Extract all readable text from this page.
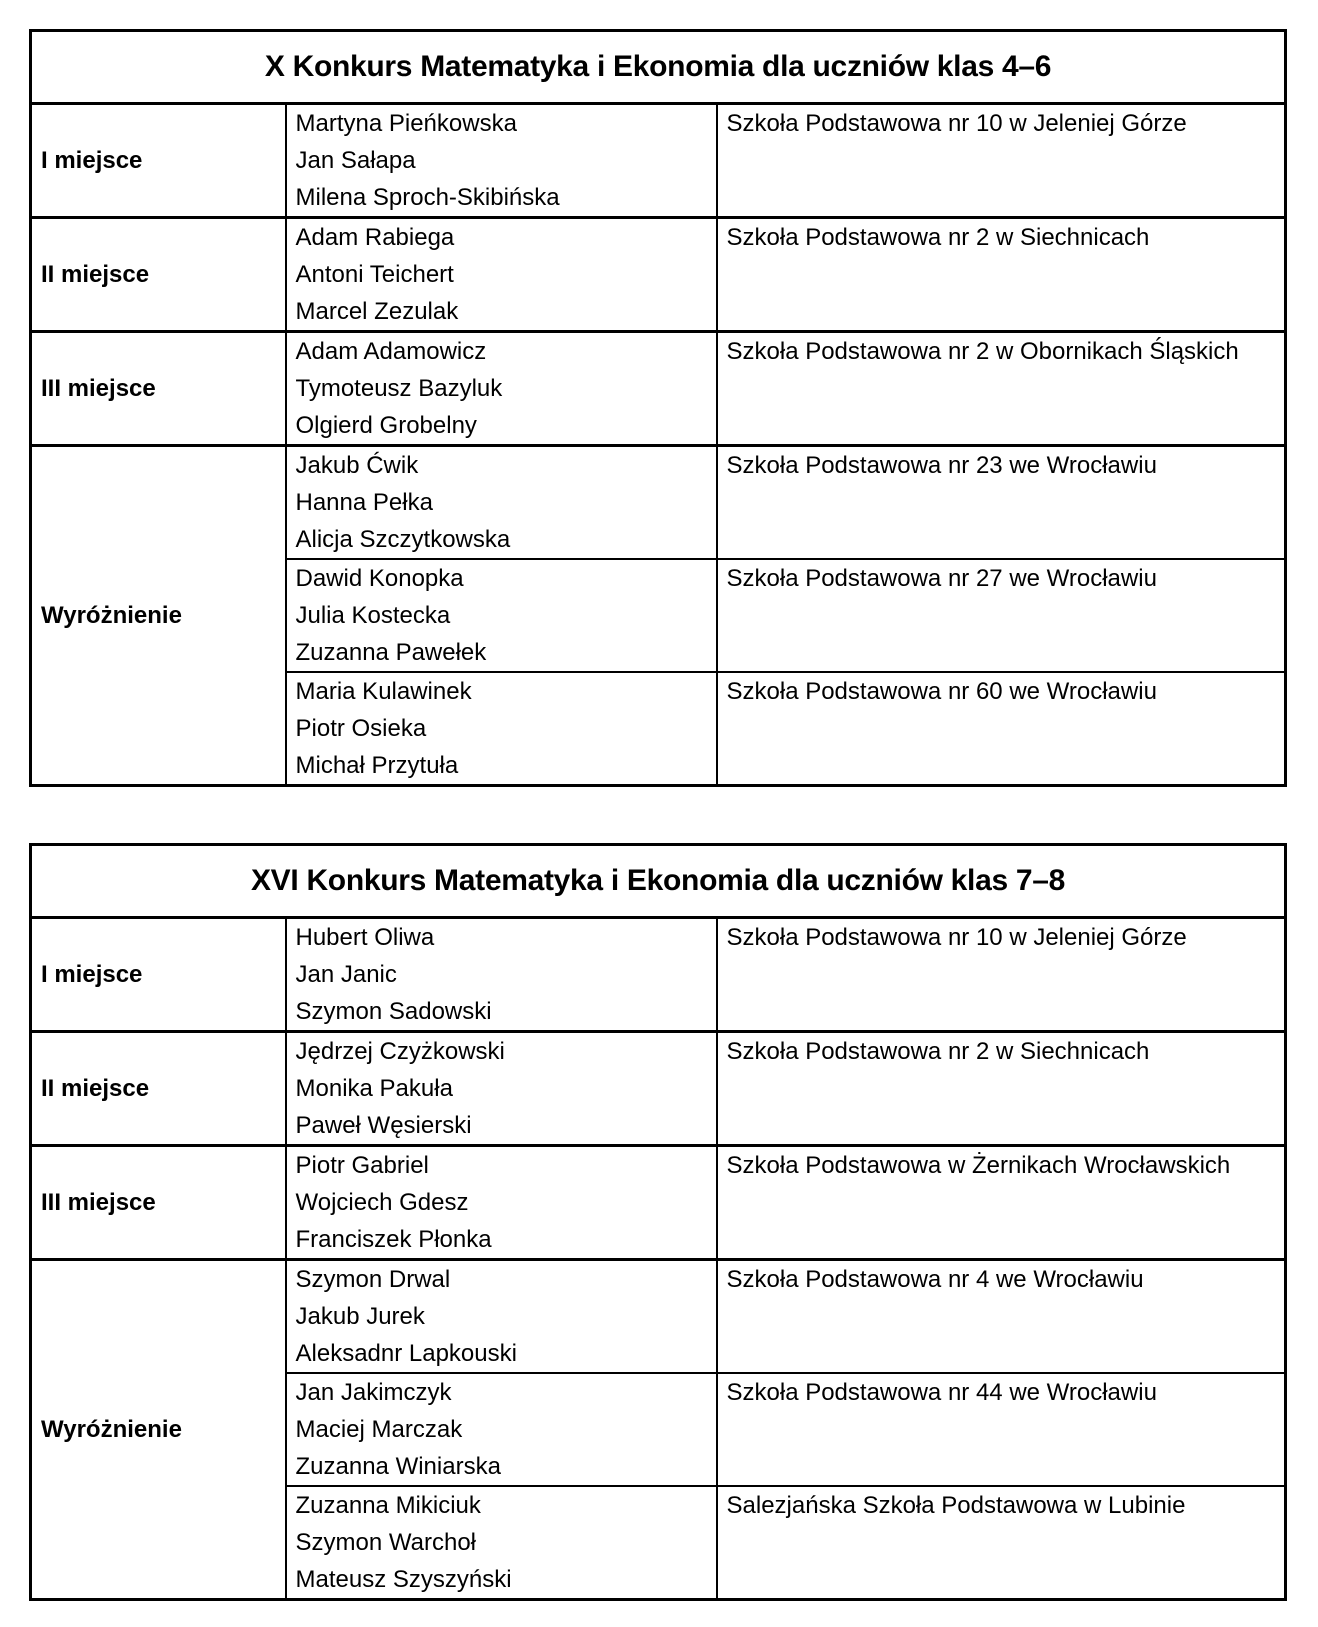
X Konkurs Matematyka i Ekonomia dla uczniów klas 4–6		
I miejsce	Martyna Pieńkowska
Jan Sałapa
Milena Sproch-Skibińska	Szkoła Podstawowa nr 10 w Jeleniej Górze
II miejsce	Adam Rabiega
Antoni Teichert
Marcel Zezulak	Szkoła Podstawowa nr 2 w Siechnicach
III miejsce	Adam Adamowicz
Tymoteusz Bazyluk
Olgierd Grobelny	Szkoła Podstawowa nr 2 w Obornikach Śląskich
Wyróżnienie	Jakub Ćwik
Hanna Pełka
Alicja Szczytkowska	Szkoła Podstawowa nr 23 we Wrocławiu

	Dawid Konopka
Julia Kostecka
Zuzanna Pawełek	Szkoła Podstawowa nr 27 we Wrocławiu

	Maria Kulawinek
Piotr Osieka
Michał Przytuła	Szkoła Podstawowa nr 60 we Wrocławiu
XVI Konkurs Matematyka i Ekonomia dla uczniów klas 7–8		
I miejsce	Hubert Oliwa
Jan Janic
Szymon Sadowski	Szkoła Podstawowa nr 10 w Jeleniej Górze
II miejsce	Jędrzej Czyżkowski
Monika Pakuła
Paweł Węsierski	Szkoła Podstawowa nr 2 w Siechnicach
III miejsce	Piotr Gabriel
Wojciech Gdesz
Franciszek Płonka	Szkoła Podstawowa w Żernikach Wrocławskich
Wyróżnienie	Szymon Drwal
Jakub Jurek
Aleksadnr Lapkouski	Szkoła Podstawowa nr 4 we Wrocławiu

	Jan Jakimczyk
Maciej Marczak
Zuzanna Winiarska	Szkoła Podstawowa nr 44 we Wrocławiu

	Zuzanna Mikiciuk
Szymon Warchoł
Mateusz Szyszyński	Salezjańska Szkoła Podstawowa w Lubinie
